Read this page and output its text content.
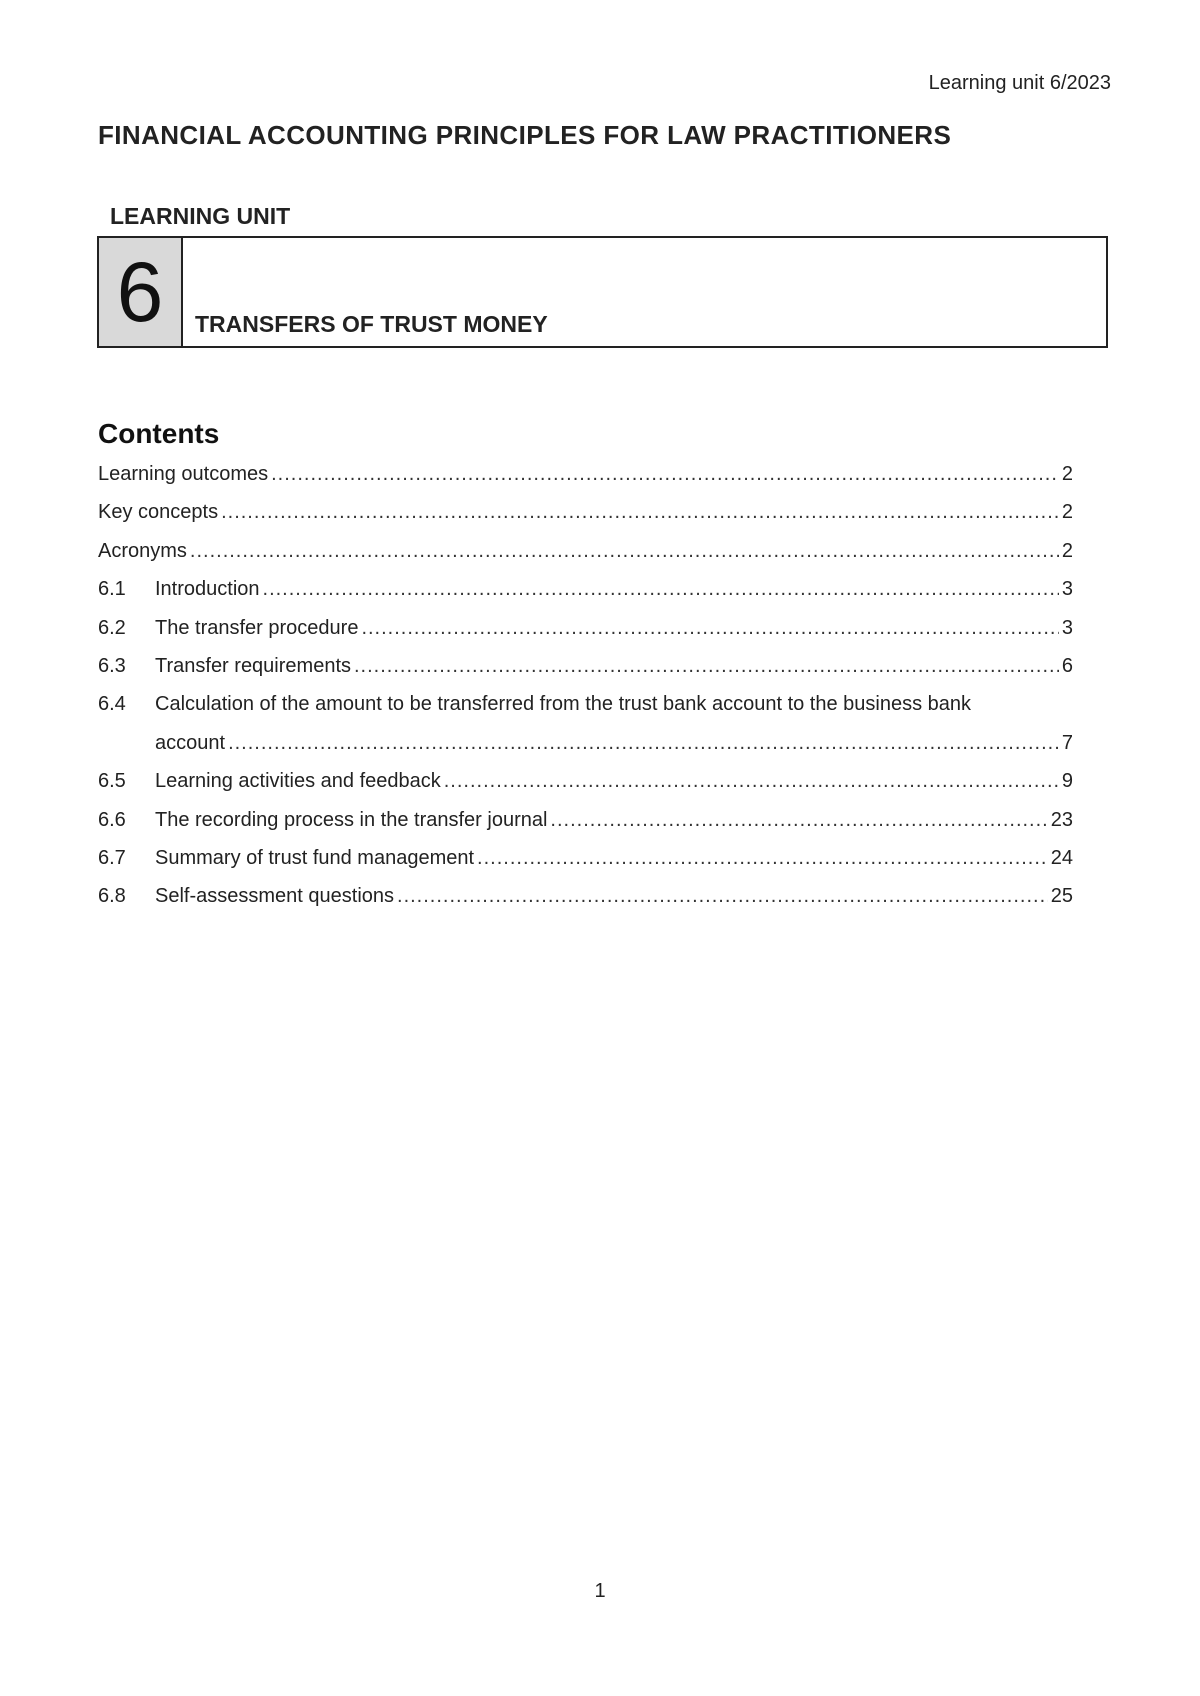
Learning unit 6/2023
FINANCIAL ACCOUNTING PRINCIPLES FOR LAW PRACTITIONERS
LEARNING UNIT
6 TRANSFERS OF TRUST MONEY
Contents
Learning outcomes .....	2
Key concepts .....	2
Acronyms .....	2
6.1	Introduction .....	3
6.2	The transfer procedure .....	3
6.3	Transfer requirements .....	6
6.4	Calculation of the amount to be transferred from the trust bank account to the business bank
account .....	7
6.5	Learning activities and feedback .....	9
6.6	The recording process in the transfer journal .....	23
6.7	Summary of trust fund management .....	24
6.8	Self-assessment questions .....	25
1
